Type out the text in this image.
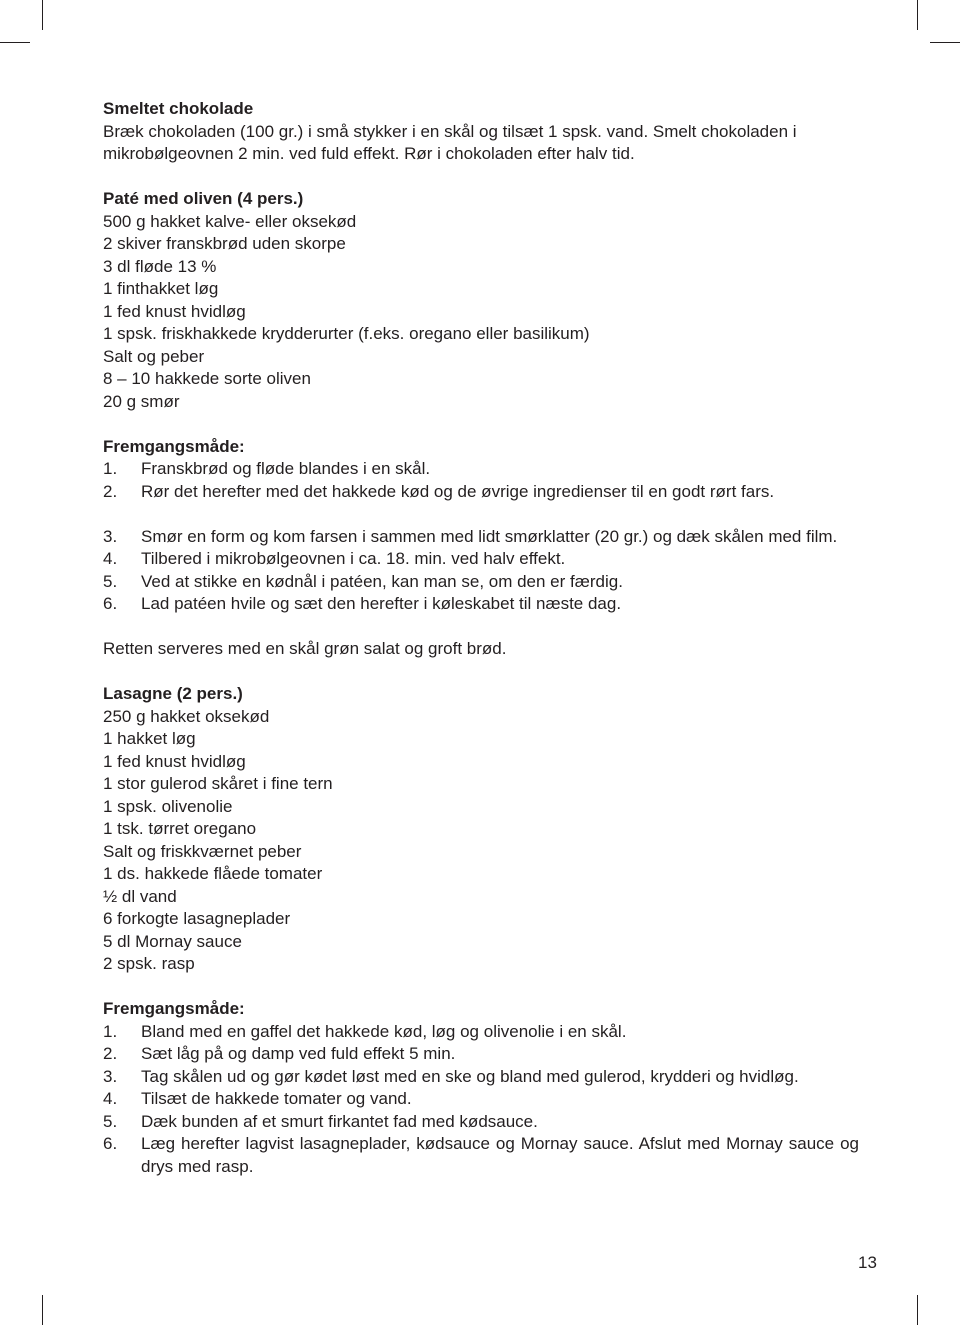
Smeltet chokolade
Bræk chokoladen (100 gr.) i små stykker i en skål og tilsæt 1 spsk. vand. Smelt chokoladen i
mikrobølgeovnen 2 min. ved fuld effekt. Rør i chokoladen efter halv tid.
Paté med oliven (4 pers.)
500 g hakket kalve- eller oksekød
2 skiver franskbrød uden skorpe
3 dl fløde 13 %
1 finthakket løg
1 fed knust hvidløg
1 spsk. friskhakkede krydderurter (f.eks. oregano eller basilikum)
Salt og peber
8 – 10 hakkede sorte oliven
20 g smør
Fremgangsmåde:
1. Franskbrød og fløde blandes i en skål.
2. Rør det herefter med det hakkede kød og de øvrige ingredienser til en godt rørt fars.
3. Smør en form og kom farsen i sammen med lidt smørklatter (20 gr.) og dæk skålen med film.
4. Tilbered i mikrobølgeovnen i ca. 18. min. ved halv effekt.
5. Ved at stikke en kødnål i patéen, kan man se, om den er færdig.
6. Lad patéen hvile og sæt den herefter i køleskabet til næste dag.
Retten serveres med en skål grøn salat og groft brød.
Lasagne (2 pers.)
250 g hakket oksekød
1 hakket løg
1 fed knust hvidløg
1 stor gulerod skåret i fine tern
1 spsk. olivenolie
1 tsk. tørret oregano
Salt og friskkværnet peber
1 ds. hakkede flåede tomater
½ dl vand
6 forkogte lasagneplader
5 dl Mornay sauce
2 spsk. rasp
Fremgangsmåde:
1. Bland med en gaffel det hakkede kød, løg og olivenolie i en skål.
2. Sæt låg på og damp ved fuld effekt 5 min.
3. Tag skålen ud og gør kødet løst med en ske og bland med gulerod, krydderi og hvidløg.
4. Tilsæt de hakkede tomater og vand.
5. Dæk bunden af et smurt firkantet fad med kødsauce.
6. Læg herefter lagvist lasagneplader, kødsauce og Mornay sauce. Afslut med Mornay sauce og drys med rasp.
13
